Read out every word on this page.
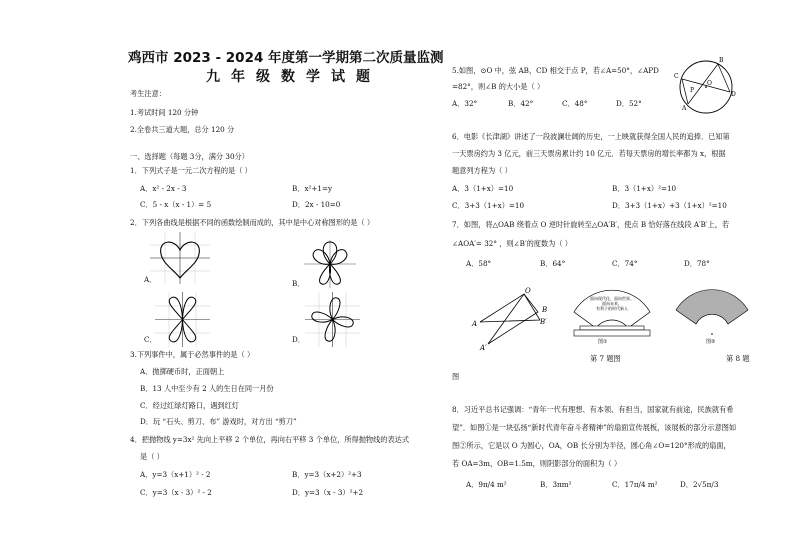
鸡西市 2023 - 2024 年度第一学期第二次质量监测
九年级数学试题
考生注意：
1.考试时间 120 分钟
2.全卷共三道大题，总分 120 分
一、选择题（每题 3分，满分 30分）
1．下列式子是一元二次方程的是（ ）
A．x² - 2x - 3	B．x²+1=y
C．5 - x（x - 1）= 5	D．2x - 10=0
2．下列各曲线是根据不同的函数绘制而成的，其中是中心对称图形的是（ ）
A．	B．
C．	D．
3.下列事件中，属于必然事件的是（ ）
A．抛掷硬币时，正面朝上
B．13 人中至少有 2 人的生日在同一月份
C．经过红绿灯路口，遇到红灯
D．玩 “石头、剪刀、布” 游戏时，对方出 “剪刀”
4．把抛物线 y=3x² 先向上平移 2 个单位，再向右平移 3 个单位，所得抛物线的表达式
是（ ）
A．y=3（x+1）² - 2	B．y=3（x+2）²+3
C．y=3（x - 3）² - 2	D．y=3（x - 3）²+2
5.如图，⊙O 中，弦 AB，CD 相交于点 P，若∠A=50°，∠APD
=82°，则∠B 的大小是（ ）
A．32°	B．42°	C．48°	D．52°
O
C
A
B
D
P
6．电影《长津湖》讲述了一段波澜壮阔的历史，一上映就获得全国人民的追捧．已知第
一天票房约为 3 亿元，前三天票房累计约 10 亿元．若每天票房的增长率都为 x，根据
题意列方程为（ ）
A．3（1+x）=10	B．3（1+x）²=10
C．3+3（1+x）=10	D．3+3（1+x）+3（1+x）²=10
7．如图，将△OAB 绕着点 O 逆时针旋转至△OA′B′，使点 B 恰好落在线段 A′B′上，若
∠AOA′= 32° ，则∠B′的度数为（ ）
A．58°	B．64°	C．74°	D．78°
O
A
B
B′
A′
面向现代化、面向世界、
面向未来，
有利于的时代新人
图①
第 7 题图
图②
第 8 题
图
8．习近平总书记强调：“青年一代有理想、有本领、有担当，国家就有前途，民族就有希
望”．如图①是一块弘扬“新时代青年奋斗者精神”的扇面宣传展板，该展板的部分示意图如
图②所示，它是以 O 为圆心，OA，OB 长分别为半径，圆心角∠O=120°形成的扇面，
若 OA=3m，OB=1.5m，则阴影部分的面积为（ ）
A．9π/4 m²	B．3πm²	C．17π/4 m²	D．2√5π/3
